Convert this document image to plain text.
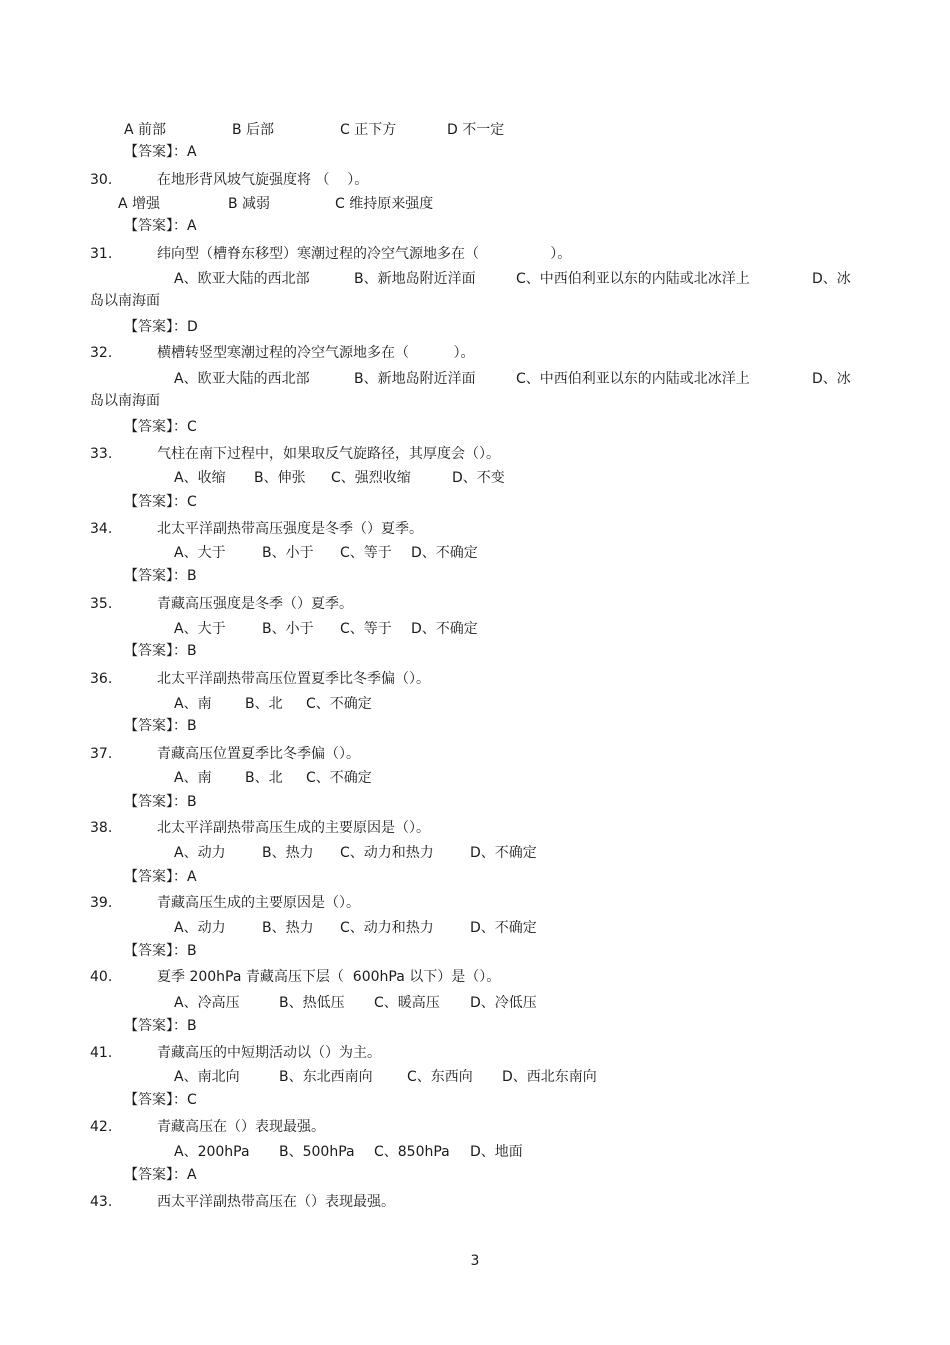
A 前部	B 后部	C 正下方	D 不一定
【答案】：A
30.	在地形背风坡气旋强度将 （    ）。
A 增强	B 减弱	C 维持原来强度
【答案】：A
31.	纬向型（槽脊东移型）寒潮过程的冷空气源地多在（                ）。
A、欧亚大陆的西北部	B、新地岛附近洋面	C、中西伯利亚以东的内陆或北冰洋上	D、冰
岛以南海面
【答案】：D
32.	横槽转竖型寒潮过程的冷空气源地多在（          ）。
A、欧亚大陆的西北部	B、新地岛附近洋面	C、中西伯利亚以东的内陆或北冰洋上	D、冰
岛以南海面
【答案】：C
33.	气柱在南下过程中，如果取反气旋路径，其厚度会（）。
A、收缩 B、伸张 C、强烈收缩	D、不变
【答案】：C
34.	北太平洋副热带高压强度是冬季（）夏季。
A、大于	B、小于 C、等于 D、不确定
【答案】：B
35.	青藏高压强度是冬季（）夏季。
A、大于	B、小于 C、等于 D、不确定
【答案】：B
36.	北太平洋副热带高压位置夏季比冬季偏（）。
A、南 B、北 C、不确定
【答案】：B
37.	青藏高压位置夏季比冬季偏（）。
A、南 B、北 C、不确定
【答案】：B
38.	北太平洋副热带高压生成的主要原因是（）。
A、动力	B、热力 C、动力和热力	D、不确定
【答案】：A
39.	青藏高压生成的主要原因是（）。
A、动力	B、热力 C、动力和热力	D、不确定
【答案】：B
40.	夏季 200hPa 青藏高压下层（  600hPa 以下）是（）。
A、冷高压	B、热低压 C、暖高压 D、冷低压
【答案】：B
41.	青藏高压的中短期活动以（）为主。
A、南北向	B、东北西南向 C、东西向 D、西北东南向
【答案】：C
42.	青藏高压在（）表现最强。
A、200hPa B、500hPa C、850hPa D、地面
【答案】：A
43.	西太平洋副热带高压在（）表现最强。
3
